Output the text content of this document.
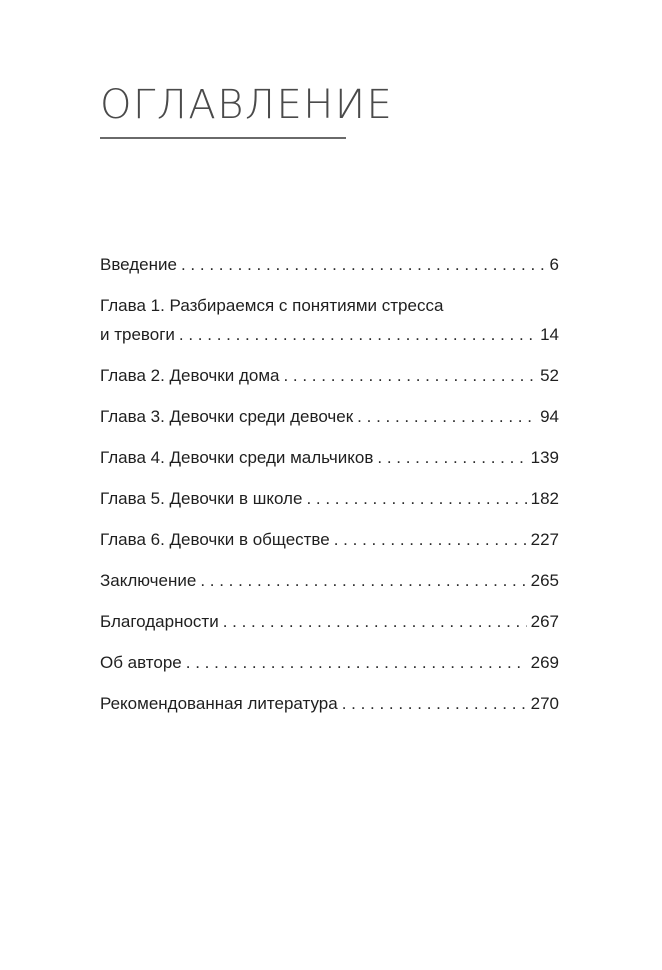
ОГЛАВЛЕНИЕ
Введение . . .	6
Глава 1. Разбираемся с понятиями стресса
и тревоги . . .	14
Глава 2. Девочки дома . . .	52
Глава 3. Девочки среди девочек . . .	94
Глава 4. Девочки среди мальчиков . . .	139
Глава 5. Девочки в школе . . .	182
Глава 6. Девочки в обществе . . .	227
Заключение . . .	265
Благодарности . . .	267
Об авторе . . .	269
Рекомендованная литература . . .	270
